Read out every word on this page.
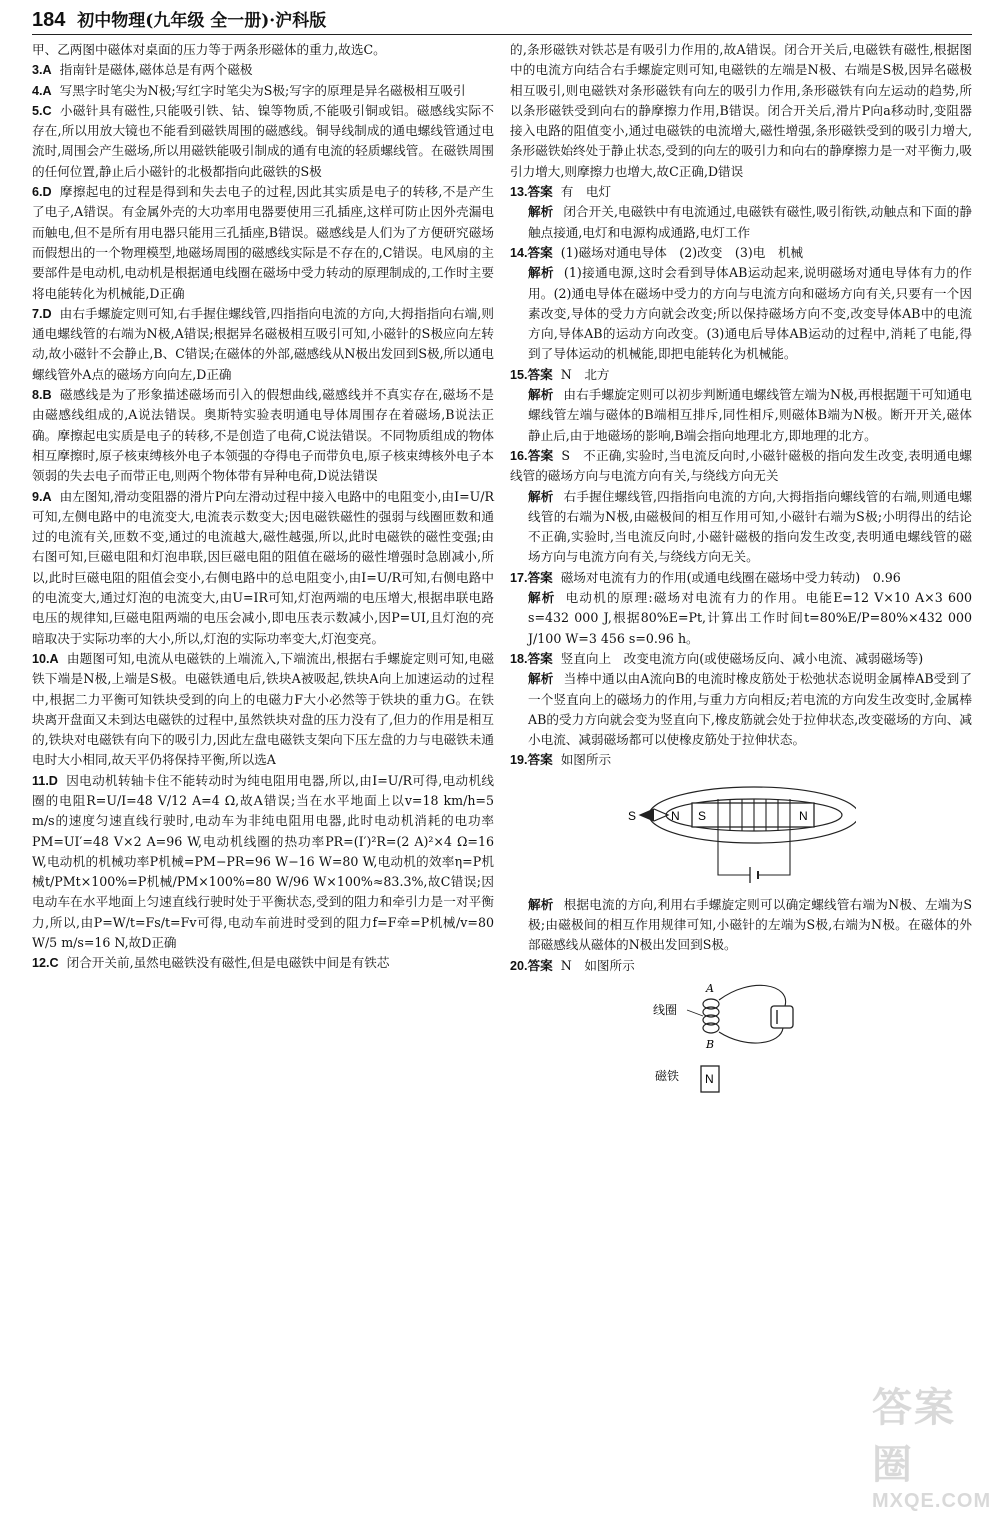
184 初中物理(九年级 全一册)·沪科版

甲、乙两图中磁体对桌面的压力等于两条形磁体的重力,故选C。

3.A 指南针是磁体,磁体总是有两个磁极

4.A 写黑字时笔尖为N极;写红字时笔尖为S极;写字的原理是异名磁极相互吸引

5.C 小磁针具有磁性,只能吸引铁、钴、镍等物质,不能吸引铜或铝。磁感线实际不存在,所以用放大镜也不能看到磁铁周围的磁感线。铜导线制成的通电螺线管通过电流时,周围会产生磁场,所以用磁铁能吸引制成的通有电流的轻质螺线管。在磁铁周围的任何位置,静止后小磁针的北极都指向此磁铁的S极

6.D 摩擦起电的过程是得到和失去电子的过程,因此其实质是电子的转移,不是产生了电子,A错误。有金属外壳的大功率用电器要使用三孔插座,这样可防止因外壳漏电而触电,但不是所有用电器只能用三孔插座,B错误。磁感线是人们为了方便研究磁场而假想出的一个物理模型,地磁场周围的磁感线实际是不存在的,C错误。电风扇的主要部件是电动机,电动机是根据通电线圈在磁场中受力转动的原理制成的,工作时主要将电能转化为机械能,D正确

7.D 由右手螺旋定则可知,右手握住螺线管,四指指向电流的方向,大拇指指向右端,则通电螺线管的右端为N极,A错误;根据异名磁极相互吸引可知,小磁针的S极应向左转动,故小磁针不会静止,B、C错误;在磁体的外部,磁感线从N极出发回到S极,所以通电螺线管外A点的磁场方向向左,D正确

8.B 磁感线是为了形象描述磁场而引入的假想曲线,磁感线并不真实存在,磁场不是由磁感线组成的,A说法错误。奥斯特实验表明通电导体周围存在着磁场,B说法正确。摩擦起电实质是电子的转移,不是创造了电荷,C说法错误。不同物质组成的物体相互摩擦时,原子核束缚核外电子本领强的夺得电子而带负电,原子核束缚核外电子本领弱的失去电子而带正电,则两个物体带有异种电荷,D说法错误

9.A 由左图知,滑动变阻器的滑片P向左滑动过程中接入电路中的电阻变小,由I=U/R可知,左侧电路中的电流变大,电流表示数变大;因电磁铁磁性的强弱与线圈匝数和通过的电流有关,匝数不变,通过的电流越大,磁性越强,所以,此时电磁铁的磁性变强;由右图可知,巨磁电阻和灯泡串联,因巨磁电阻的阻值在磁场的磁性增强时急剧减小,所以,此时巨磁电阻的阻值会变小,右侧电路中的总电阻变小,由I=U/R可知,右侧电路中的电流变大,通过灯泡的电流变大,由U=IR可知,灯泡两端的电压增大,根据串联电路电压的规律知,巨磁电阻两端的电压会减小,即电压表示数减小,因P=UI,且灯泡的亮暗取决于实际功率的大小,所以,灯泡的实际功率变大,灯泡变亮。

10.A 由题图可知,电流从电磁铁的上端流入,下端流出,根据右手螺旋定则可知,电磁铁下端是N极,上端是S极。电磁铁通电后,铁块A被吸起,铁块A向上加速运动的过程中,根据二力平衡可知铁块受到的向上的电磁力F大小必然等于铁块的重力G。在铁块离开盘面又未到达电磁铁的过程中,虽然铁块对盘的压力没有了,但力的作用是相互的,铁块对电磁铁有向下的吸引力,因此左盘电磁铁支架向下压左盘的力与电磁铁未通电时大小相同,故天平仍将保持平衡,所以选A

11.D 因电动机转轴卡住不能转动时为纯电阻用电器,所以,由I=U/R可得,电动机线圈的电阻R=U/I=48 V/12 A=4 Ω,故A错误;当在水平地面上以v=18 km/h=5 m/s的速度匀速直线行驶时,电动车为非纯电阻用电器,此时电动机消耗的电功率PM=UI′=48 V×2 A=96 W,电动机线圈的热功率PR=(I′)²R=(2 A)²×4 Ω=16 W,电动机的机械功率P机械=PM−PR=96 W−16 W=80 W,电动机的效率η=P机械t/PMt×100%=P机械/PM×100%=80 W/96 W×100%≈83.3%,故C错误;因电动车在水平地面上匀速直线行驶时处于平衡状态,受到的阻力和牵引力是一对平衡力,所以,由P=W/t=Fs/t=Fv可得,电动车前进时受到的阻力f=F牵=P机械/v=80 W/5 m/s=16 N,故D正确

12.C 闭合开关前,虽然电磁铁没有磁性,但是电磁铁中间是有铁芯

的,条形磁铁对铁芯是有吸引力作用的,故A错误。闭合开关后,电磁铁有磁性,根据图中的电流方向结合右手螺旋定则可知,电磁铁的左端是N极、右端是S极,因异名磁极相互吸引,则电磁铁对条形磁铁有向左的吸引力作用,条形磁铁有向左运动的趋势,所以条形磁铁受到向右的静摩擦力作用,B错误。闭合开关后,滑片P向a移动时,变阻器接入电路的阻值变小,通过电磁铁的电流增大,磁性增强,条形磁铁受到的吸引力增大,条形磁铁始终处于静止状态,受到的向左的吸引力和向右的静摩擦力是一对平衡力,吸引力增大,则摩擦力也增大,故C正确,D错误

13.答案 有　电灯

解析 闭合开关,电磁铁中有电流通过,电磁铁有磁性,吸引衔铁,动触点和下面的静触点接通,电灯和电源构成通路,电灯工作

14.答案 (1)磁场对通电导体　(2)改变　(3)电　机械

解析 (1)接通电源,这时会看到导体AB运动起来,说明磁场对通电导体有力的作用。(2)通电导体在磁场中受力的方向与电流方向和磁场方向有关,只要有一个因素改变,导体的受力方向就会改变;所以保持磁场方向不变,改变导体AB中的电流方向,导体AB的运动方向改变。(3)通电后导体AB运动的过程中,消耗了电能,得到了导体运动的机械能,即把电能转化为机械能。

15.答案 N　北方

解析 由右手螺旋定则可以初步判断通电螺线管左端为N极,再根据题干可知通电螺线管左端与磁体的B端相互排斥,同性相斥,则磁体B端为N极。断开开关,磁体静止后,由于地磁场的影响,B端会指向地理北方,即地理的北方。

16.答案 S　不正确,实验时,当电流反向时,小磁针磁极的指向发生改变,表明通电螺线管的磁场方向与电流方向有关,与绕线方向无关

解析 右手握住螺线管,四指指向电流的方向,大拇指指向螺线管的右端,则通电螺线管的右端为N极,由磁极间的相互作用可知,小磁针右端为S极;小明得出的结论不正确,实验时,当电流反向时,小磁针磁极的指向发生改变,表明通电螺线管的磁场方向与电流方向有关,与绕线方向无关。

17.答案 磁场对电流有力的作用(或通电线圈在磁场中受力转动)　0.96

解析 电动机的原理:磁场对电流有力的作用。电能E=12 V×10 A×3 600 s=432 000 J,根据80%E=Pt,计算出工作时间t=80%E/P=80%×432 000 J/100 W=3 456 s=0.96 h。

18.答案 竖直向上　改变电流方向(或使磁场反向、减小电流、减弱磁场等)

解析 当棒中通以由A流向B的电流时橡皮筋处于松弛状态说明金属棒AB受到了一个竖直向上的磁场力的作用,与重力方向相反;若电流的方向发生改变时,金属棒AB的受力方向就会变为竖直向下,橡皮筋就会处于拉伸状态,改变磁场的方向、减小电流、减弱磁场都可以使橡皮筋处于拉伸状态。

19.答案 如图所示

S	N
S	N

解析 根据电流的方向,利用右手螺旋定则可以确定螺线管右端为N极、左端为S极;由磁极间的相互作用规律可知,小磁针的左端为S极,右端为N极。在磁体的外部磁感线从磁体的N极出发回到S极。

20.答案 N　如图所示

线圈
A
B
磁铁 N
答案圈
MXQE.COM
